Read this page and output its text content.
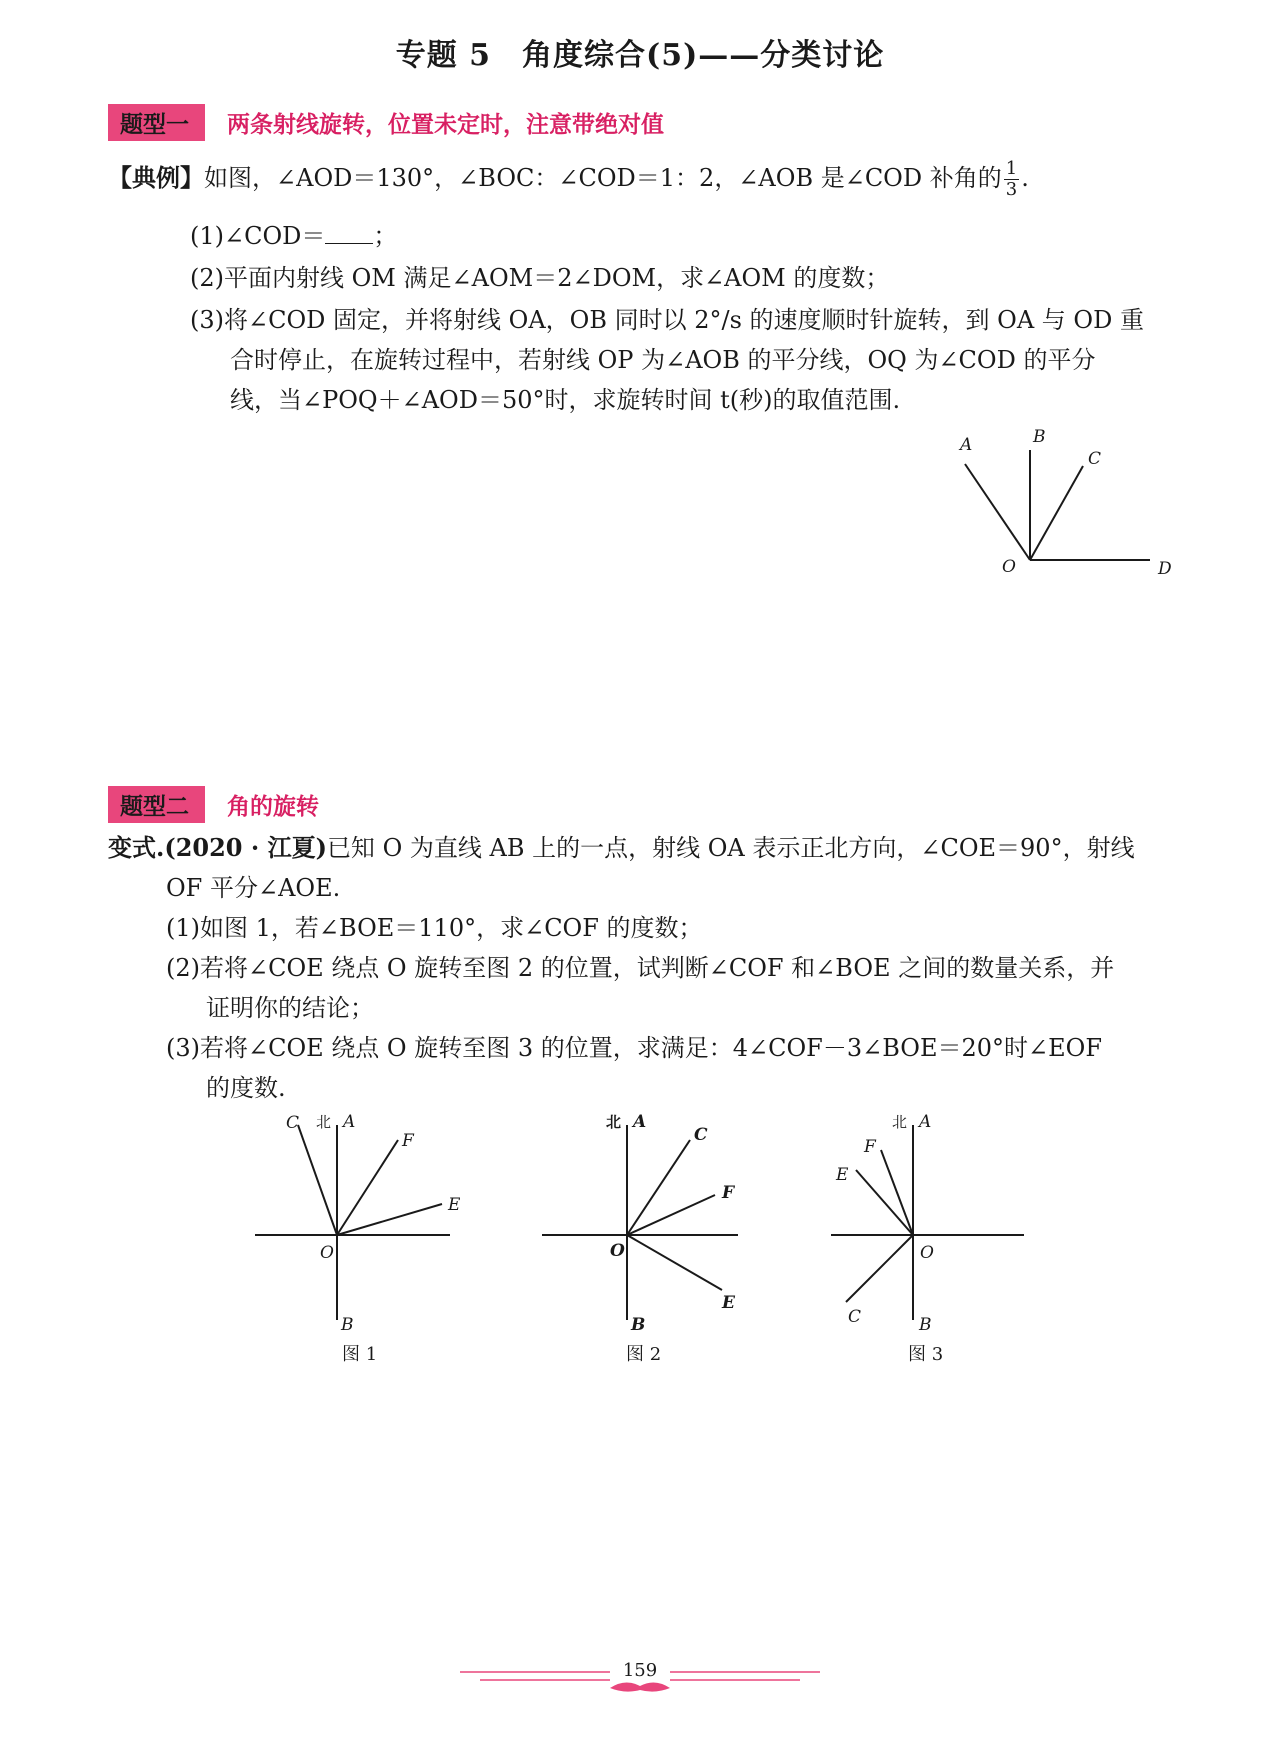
专题 5　角度综合(5)——分类讨论
题型一	两条射线旋转，位置未定时，注意带绝对值
【典例】如图，∠AOD＝130°，∠BOC：∠COD＝1：2，∠AOB 是∠COD 补角的 $\frac{1}{3}$ .
(1)∠COD＝ ；
(2)平面内射线 OM 满足∠AOM＝2∠DOM，求∠AOM 的度数；
(3)将∠COD 固定，并将射线 OA，OB 同时以 2°/s 的速度顺时针旋转，到 OA 与 OD 重
合时停止，在旋转过程中，若射线 OP 为∠AOB 的平分线，OQ 为∠COD 的平分
线，当∠POQ＋∠AOD＝50°时，求旋转时间 t(秒)的取值范围.
A	B
C
O	D
题型二	角的旋转
变式.(2020 · 江夏)已知 O 为直线 AB 上的一点，射线 OA 表示正北方向，∠COE＝90°，射线
OF 平分∠AOE.
(1)如图 1，若∠BOE＝110°，求∠COF 的度数；
(2)若将∠COE 绕点 O 旋转至图 2 的位置，试判断∠COF 和∠BOE 之间的数量关系，并
证明你的结论；
(3)若将∠COE 绕点 O 旋转至图 3 的位置，求满足：4∠COF－3∠BOE＝20°时∠EOF
的度数.
C 北 A
F
E
O
B
图 1
北 A
C
F
E
O
B
图 2
北 A
F
E
O
C	B
图 3
159
